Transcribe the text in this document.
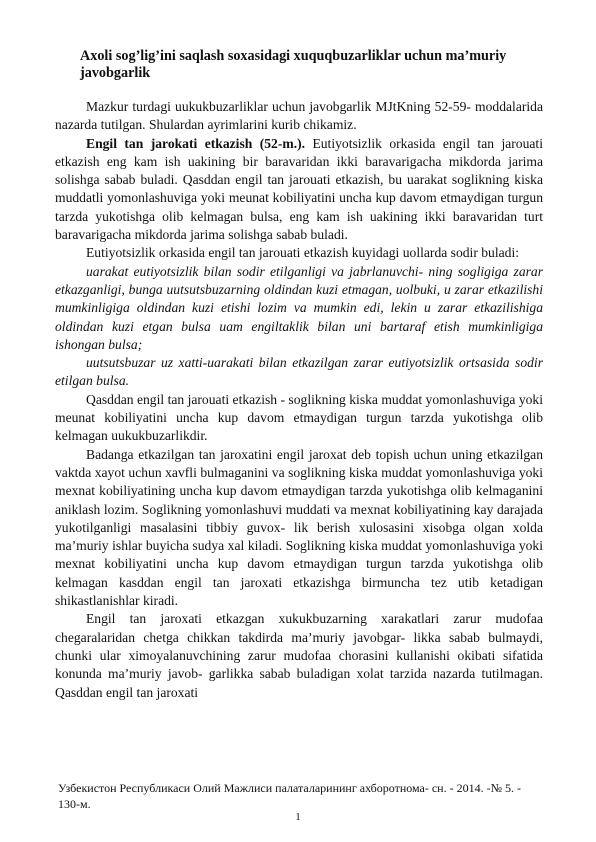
Axoli sog’lig’ini saqlash soxasidagi xuquqbuzarliklar uchun ma’muriy javobgarlik

Mazkur turdagi uukukbuzarliklar uchun javobgarlik MJtKning 52-59- moddalarida nazarda tutilgan. Shulardan ayrimlarini kurib chikamiz.

Engil tan jarokati etkazish (52-m.). Eutiyotsizlik orkasida engil tan jarouati etkazish eng kam ish uakining bir baravaridan ikki baravarigacha mikdorda jarima solishga sabab buladi. Qasddan engil tan jarouati etkazish, bu uarakat soglikning kiska muddatli yomonlashuviga yoki meunat kobiliyatini uncha kup davom etmaydigan turgun tarzda yukotishga olib kelmagan bulsa, eng kam ish uakining ikki baravaridan turt baravarigacha mikdorda jarima solishga sabab buladi.

Eutiyotsizlik orkasida engil tan jarouati etkazish kuyidagi uollarda sodir buladi:

uarakat eutiyotsizlik bilan sodir etilganligi va jabrlanuvchi- ning sogligiga zarar etkazganligi, bunga uutsutsbuzarning oldindan kuzi etmagan, uolbuki, u zarar etkazilishi mumkinligiga oldindan kuzi etishi lozim va mumkin edi, lekin u zarar etkazilishiga oldindan kuzi etgan bulsa uam engiltaklik bilan uni bartaraf etish mumkinligiga ishongan bulsa;

uutsutsbuzar uz xatti-uarakati bilan etkazilgan zarar eutiyotsizlik ortsasida sodir etilgan bulsa.

Qasddan engil tan jarouati etkazish - soglikning kiska muddat yomonlashuviga yoki meunat kobiliyatini uncha kup davom etmaydigan turgun tarzda yukotishga olib kelmagan uukukbuzarlikdir.

Badanga etkazilgan tan jaroxatini engil jaroxat deb topish uchun uning etkazilgan vaktda xayot uchun xavfli bulmaganini va soglikning kiska muddat yomonlashuviga yoki mexnat kobiliyatining uncha kup davom etmaydigan tarzda yukotishga olib kelmaganini aniklash lozim. Soglikning yomonlashuvi muddati va mexnat kobiliyatining kay darajada yukotilganligi masalasini tibbiy guvox- lik berish xulosasini xisobga olgan xolda ma’muriy ishlar buyicha sudya xal kiladi. Soglikning kiska muddat yomonlashuviga yoki mexnat kobiliyatini uncha kup davom etmaydigan turgun tarzda yukotishga olib kelmagan kasddan engil tan jaroxati etkazishga birmuncha tez utib ketadigan shikastlanishlar kiradi.

Engil tan jaroxati etkazgan xukukbuzarning xarakatlari zarur mudofaa chegaralaridan chetga chikkan takdirda ma’muriy javobgar- likka sabab bulmaydi, chunki ular ximoyalanuvchining zarur mudofaa chorasini kullanishi okibati sifatida konunda ma’muriy javob- garlikka sabab buladigan xolat tarzida nazarda tutilmagan. Qasddan engil tan jaroxati

Узбекистон Республикаси Олий Мажлиси палаталарининг ахборотнома- сн. - 2014. -№ 5. - 130-м.
1
